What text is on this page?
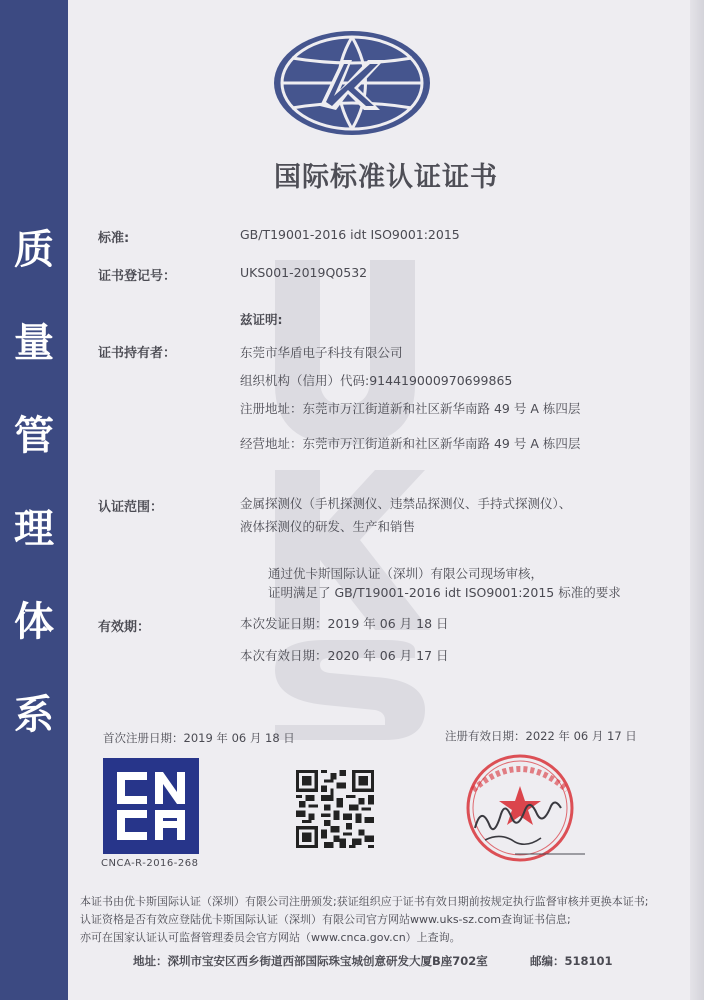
质
量
管
理
体
系
国际标准认证证书
标准:	GB/T19001-2016 idt ISO9001:2015
证书登记号：	UKS001-2019Q0532
兹证明:
证书持有者：	东莞市华盾电子科技有限公司
组织机构（信用）代码:914419000970699865
注册地址：东莞市万江街道新和社区新华南路 49 号 A 栋四层
经营地址：东莞市万江街道新和社区新华南路 49 号 A 栋四层
认证范围：	金属探测仪（手机探测仪、违禁品探测仪、手持式探测仪）、
液体探测仪的研发、生产和销售
通过优卡斯国际认证（深圳）有限公司现场审核，
证明满足了 GB/T19001-2016 idt ISO9001:2015 标准的要求
有效期：	本次发证日期：2019 年 06 月 18 日
本次有效日期：2020 年 06 月 17 日
首次注册日期：2019 年 06 月 18 日	注册有效日期：2022 年 06 月 17 日
CNCA-R-2016-268
本证书由优卡斯国际认证（深圳）有限公司注册颁发;获证组织应于证书有效日期前按规定执行监督审核并更换本证书;
认证资格是否有效应登陆优卡斯国际认证（深圳）有限公司官方网站www.uks-sz.com查询证书信息;
亦可在国家认证认可监督管理委员会官方网站（www.cnca.gov.cn）上查询。
地址：深圳市宝安区西乡街道西部国际珠宝城创意研发大厦B座702室	邮编：518101
